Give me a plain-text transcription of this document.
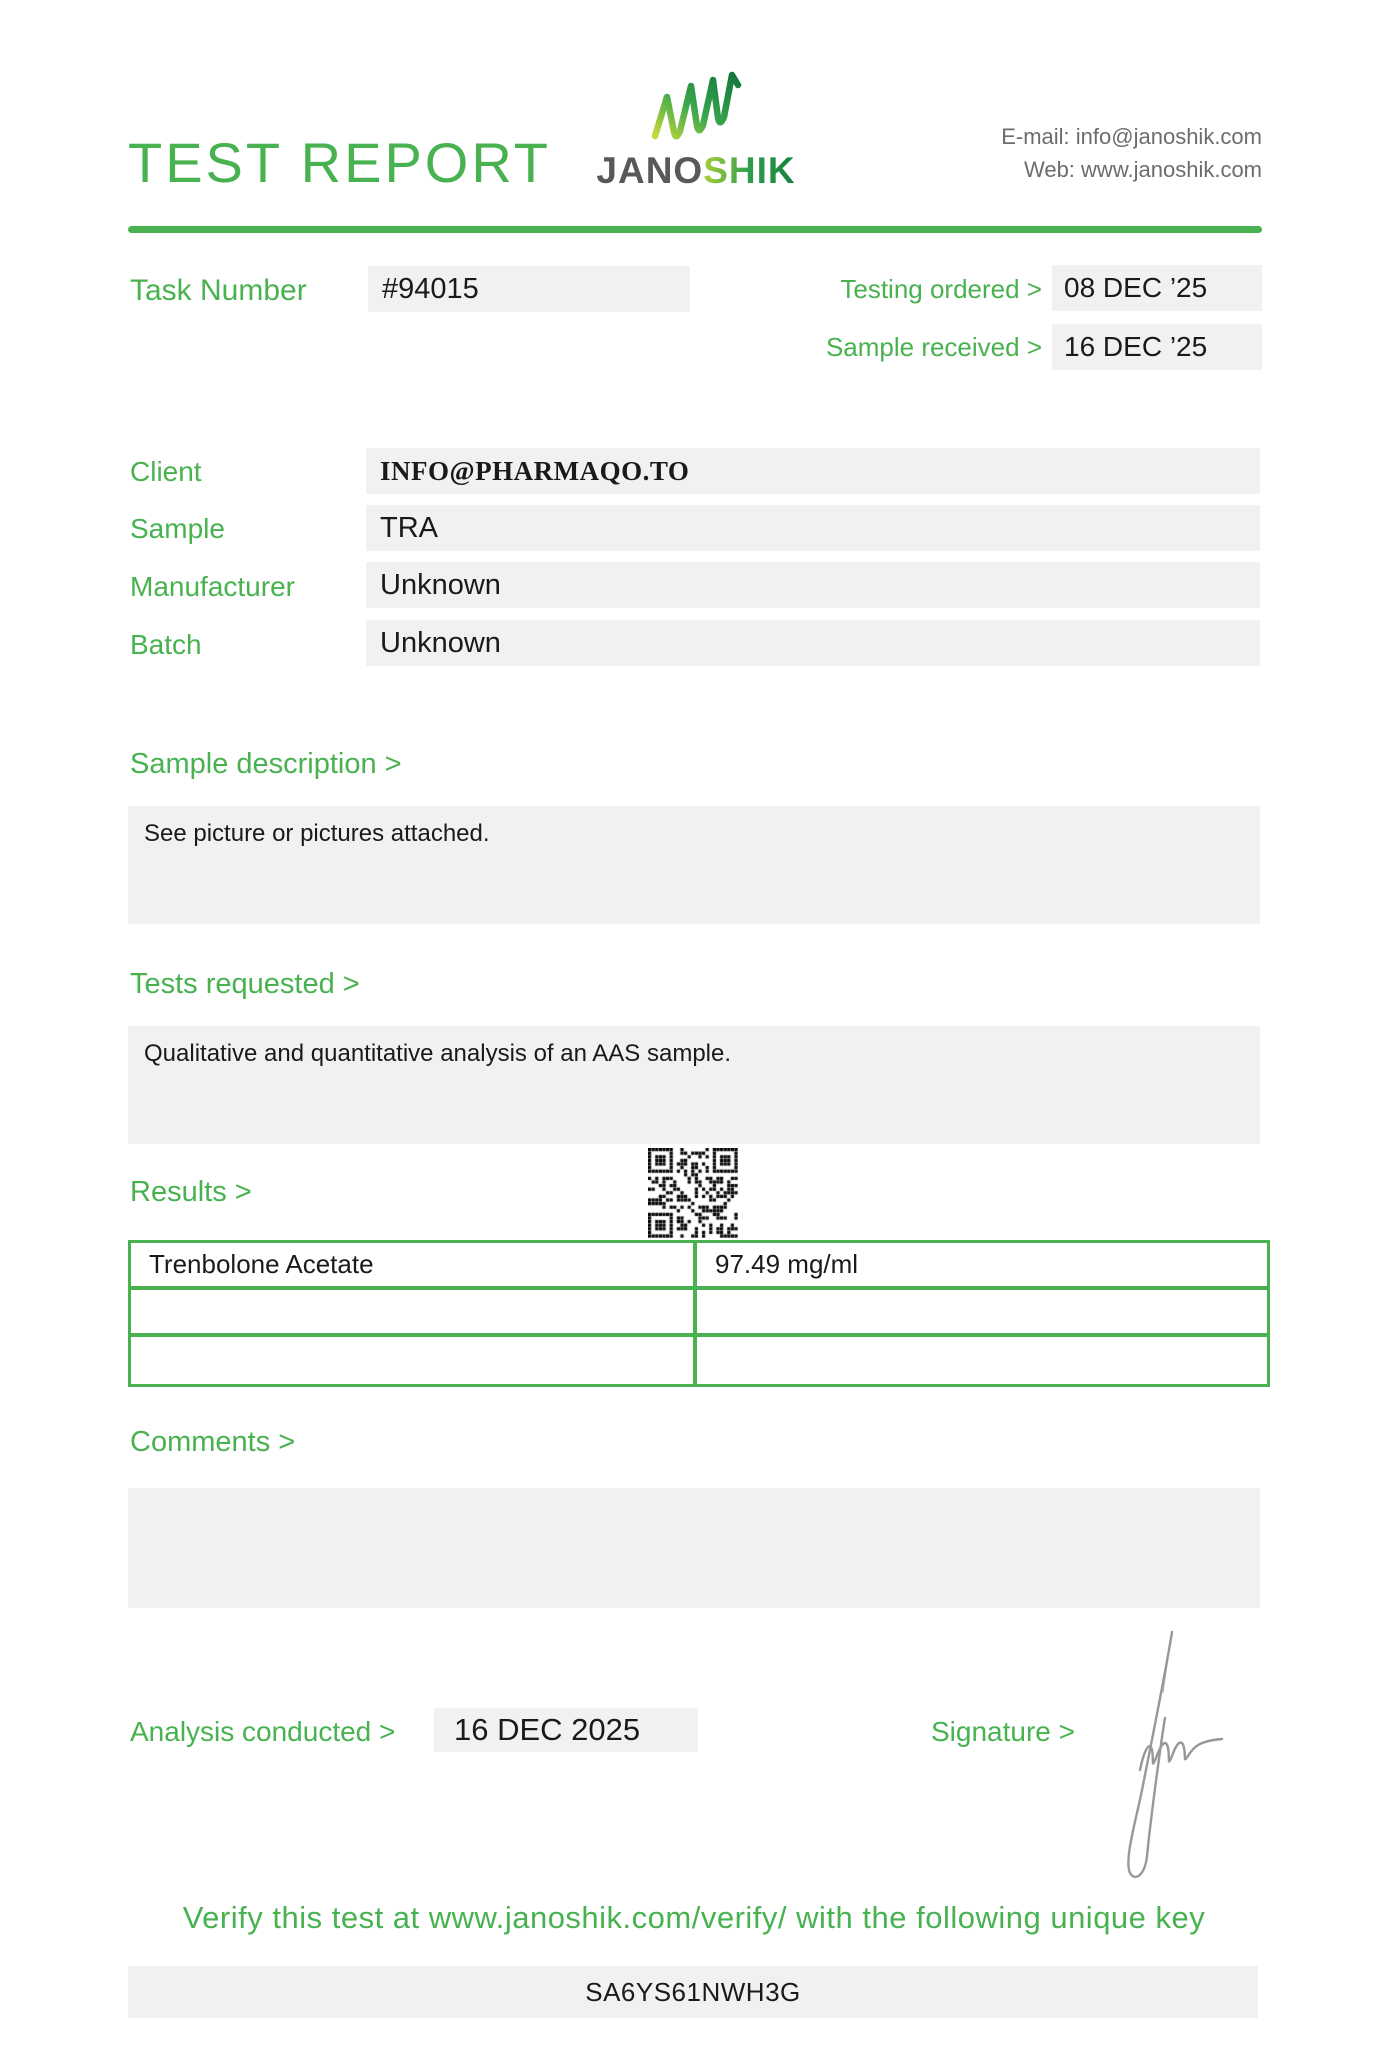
TEST REPORT JANOSHIK
E-mail: info@janoshik.com
Web: www.janoshik.com
Task Number	#94015	Testing ordered > 08 DEC ’25
Sample received > 16 DEC ’25
Client	INFO@PHARMAQO.TO
Sample	TRA
Manufacturer	Unknown
Batch	Unknown
Sample description >
See picture or pictures attached.
Tests requested >
Qualitative and quantitative analysis of an AAS sample.
Results >
Trenbolone Acetate	97.49 mg/ml
Comments >
Analysis conducted > 16 DEC 2025	Signature >
Verify this test at www.janoshik.com/verify/ with the following unique key
SA6YS61NWH3G
